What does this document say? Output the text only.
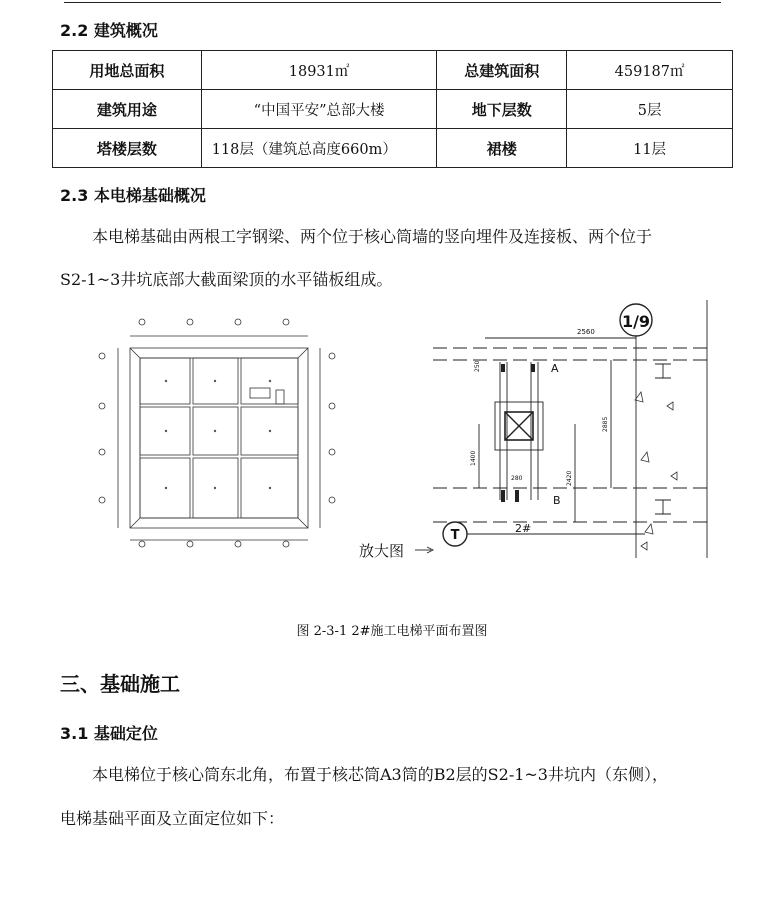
2.2 建筑概况
用地总面积	18931㎡	总建筑面积	459187㎡
建筑用途	“中国平安”总部大楼	地下层数	5层
塔楼层数	118层（建筑总高度660m）	裙楼	11层
2.3 本电梯基础概况
本电梯基础由两根工字钢梁、两个位于核心筒墙的竖向埋件及连接板、两个位于
S2-1~3井坑底部大截面梁顶的水平锚板组成。
1/9
2560
250
2885
1400
2420
280
A
B
T	2#
放大图
图 2-3-1 2#施工电梯平面布置图
三、基础施工
3.1 基础定位
本电梯位于核心筒东北角，布置于核芯筒A3筒的B2层的S2-1~3井坑内（东侧），
电梯基础平面及立面定位如下：
